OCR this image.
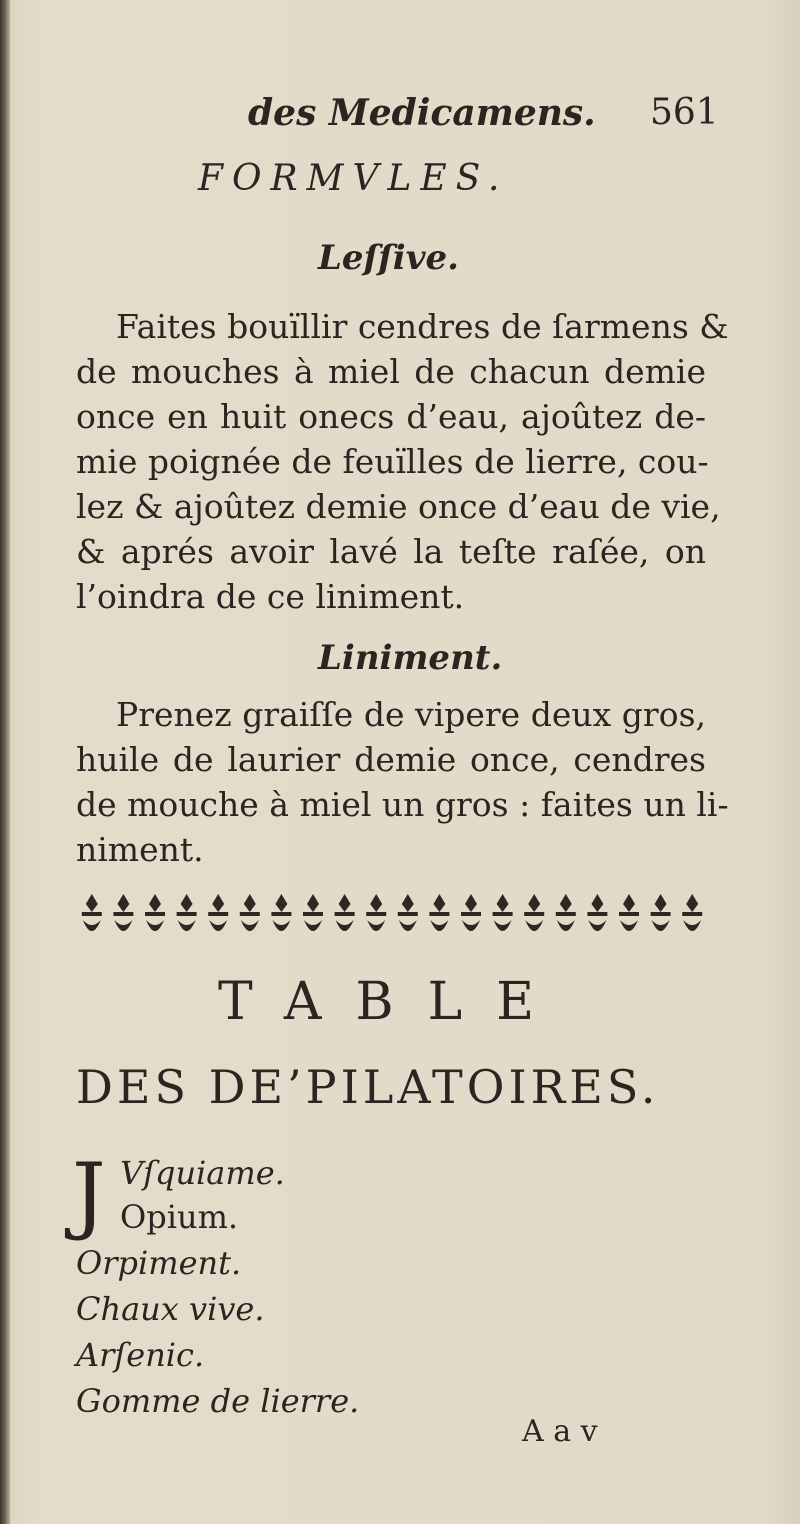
des Medicamens. 561
FORMVLES.
Leſſive.
Faites bouïllir cendres de ſarmens &
de mouches à miel de chacun demie
once en huit onecs d’eau, ajoûtez de-
mie poignée de feuïlles de lierre, cou-
lez & ajoûtez demie once d’eau de vie,
& aprés avoir lavé la teſte raſée, on
l’oindra de ce liniment.
Liniment.
Prenez graiſſe de vipere deux gros,
huile de laurier demie once, cendres
de mouche à miel un gros : faites un li-
niment.
TABLE
DES DE’PILATOIRES.
J Vſquiame.
Opium.
Orpiment.
Chaux vive.
Arſenic.
Gomme de lierre.
A a v
